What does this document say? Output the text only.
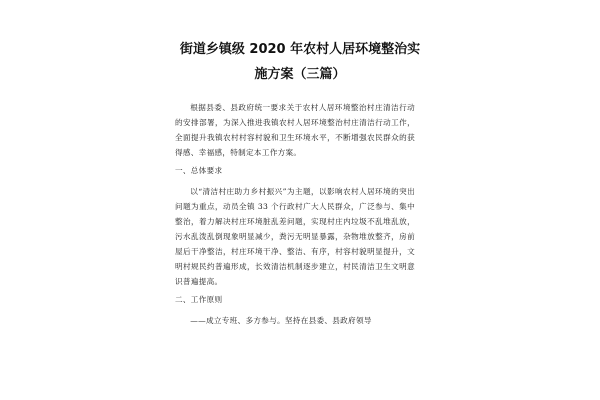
街道乡镇级 2020 年农村人居环境整治实
施方案（三篇）

根据县委、县政府统一要求关于农村人居环境整治村庄清洁行动的安排部署，为深入推进我镇农村人居环境整治村庄清洁行动工作，全面提升我镇农村村容村貌和卫生环境水平，不断增强农民群众的获得感、幸福感，特制定本工作方案。

一、总体要求

以“清洁村庄助力乡村振兴”为主题，以影响农村人居环境的突出问题为重点，动员全镇 33 个行政村广大人民群众，广泛参与、集中整治，着力解决村庄环境脏乱差问题，实现村庄内垃圾不乱堆乱放，污水乱泼乱倒现象明显减少，粪污无明显暴露，杂物堆放整齐，房前屋后干净整洁，村庄环境干净、整洁、有序，村容村貌明显提升，文明村规民约普遍形成，长效清洁机制逐步建立，村民清洁卫生文明意识普遍提高。

二、工作原则

——成立专班、多方参与。坚持在县委、县政府领导
